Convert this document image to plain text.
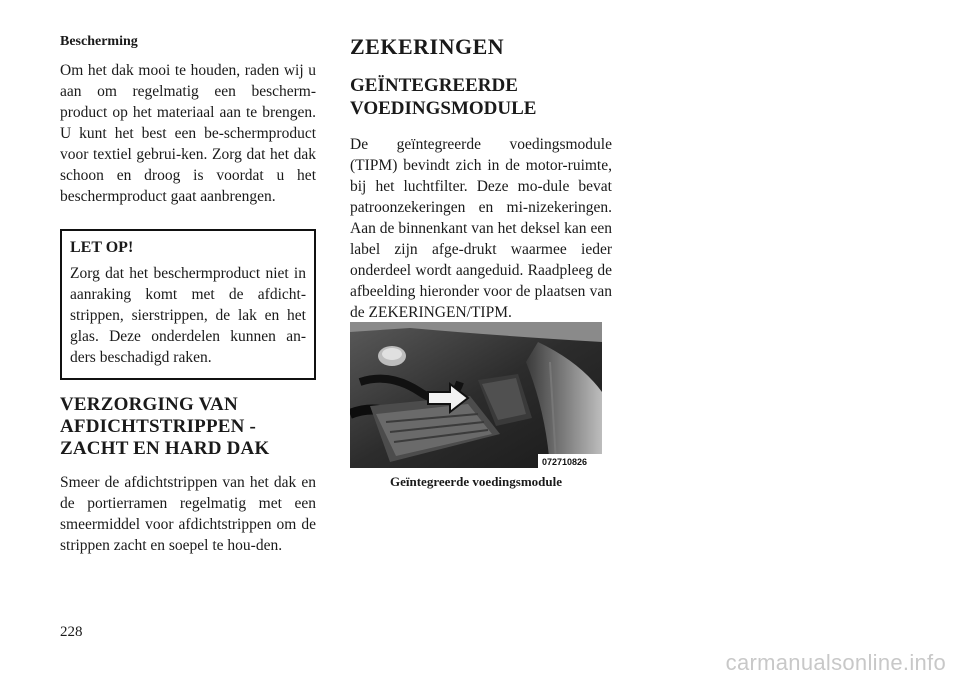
Bescherming

Om het dak mooi te houden, raden wij u aan om regelmatig een bescherm-product op het materiaal aan te brengen. U kunt het best een be-schermproduct voor textiel gebrui-ken. Zorg dat het dak schoon en droog is voordat u het beschermproduct gaat aanbrengen.

LET OP!

Zorg dat het beschermproduct niet in aanraking komt met de afdicht-strippen, sierstrippen, de lak en het glas. Deze onderdelen kunnen an-ders beschadigd raken.

VERZORGING VAN
AFDICHTSTRIPPEN -
ZACHT EN HARD DAK

Smeer de afdichtstrippen van het dak en de portierramen regelmatig met een smeermiddel voor afdichtstrippen om de strippen zacht en soepel te hou-den.

ZEKERINGEN
GEÏNTEGREERDE
VOEDINGSMODULE

De geïntegreerde voedingsmodule (TIPM) bevindt zich in de motor-ruimte, bij het luchtfilter. Deze mo-dule bevat patroonzekeringen en mi-nizekeringen. Aan de binnenkant van het deksel kan een label zijn afge-drukt waarmee ieder onderdeel wordt aangeduid. Raadpleeg de afbeelding hieronder voor de plaatsen van de ZEKERINGEN/TIPM.

072710826
Geïntegreerde voedingsmodule
228
carmanualsonline.info
